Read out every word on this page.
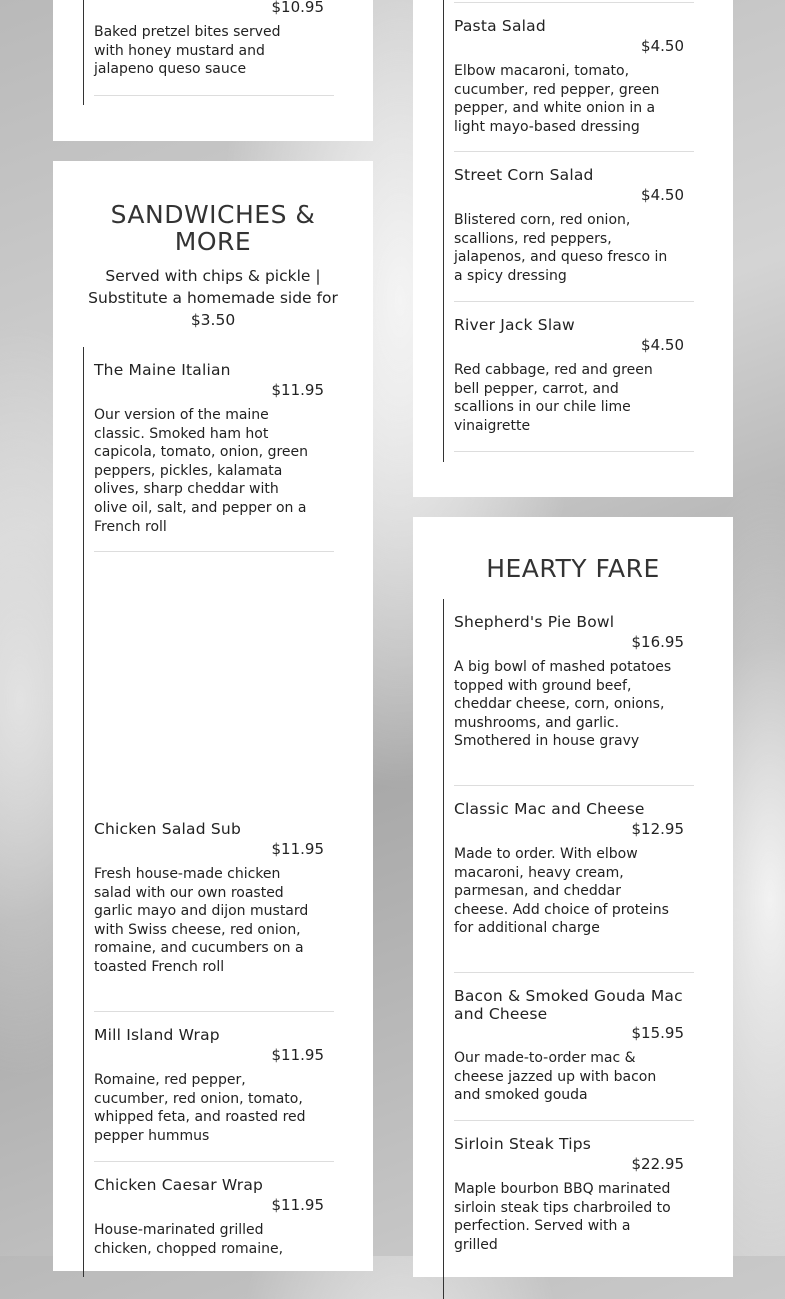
$10.95
Baked pretzel bites served with honey mustard and jalapeno queso sauce
SANDWICHES & MORE
Served with chips & pickle | Substitute a homemade side for $3.50
The Maine Italian
$11.95
Our version of the maine classic. Smoked ham hot capicola, tomato, onion, green peppers, pickles, kalamata olives, sharp cheddar with olive oil, salt, and pepper on a French roll
Chicken Salad Sub
$11.95
Fresh house-made chicken salad with our own roasted garlic mayo and dijon mustard with Swiss cheese, red onion, romaine, and cucumbers on a toasted French roll
Mill Island Wrap
$11.95
Romaine, red pepper, cucumber, red onion, tomato, whipped feta, and roasted red pepper hummus
Chicken Caesar Wrap
$11.95
House-marinated grilled chicken, chopped romaine,
Pasta Salad
$4.50
Elbow macaroni, tomato, cucumber, red pepper, green pepper, and white onion in a light mayo-based dressing
Street Corn Salad
$4.50
Blistered corn, red onion, scallions, red peppers, jalapenos, and queso fresco in a spicy dressing
River Jack Slaw
$4.50
Red cabbage, red and green bell pepper, carrot, and scallions in our chile lime vinaigrette
HEARTY FARE
Shepherd's Pie Bowl
$16.95
A big bowl of mashed potatoes topped with ground beef, cheddar cheese, corn, onions, mushrooms, and garlic. Smothered in house gravy
Classic Mac and Cheese
$12.95
Made to order. With elbow macaroni, heavy cream, parmesan, and cheddar cheese. Add choice of proteins for additional charge
Bacon & Smoked Gouda Mac and Cheese
$15.95
Our made-to-order mac & cheese jazzed up with bacon and smoked gouda
Sirloin Steak Tips
$22.95
Maple bourbon BBQ marinated sirloin steak tips charbroiled to perfection. Served with a grilled
